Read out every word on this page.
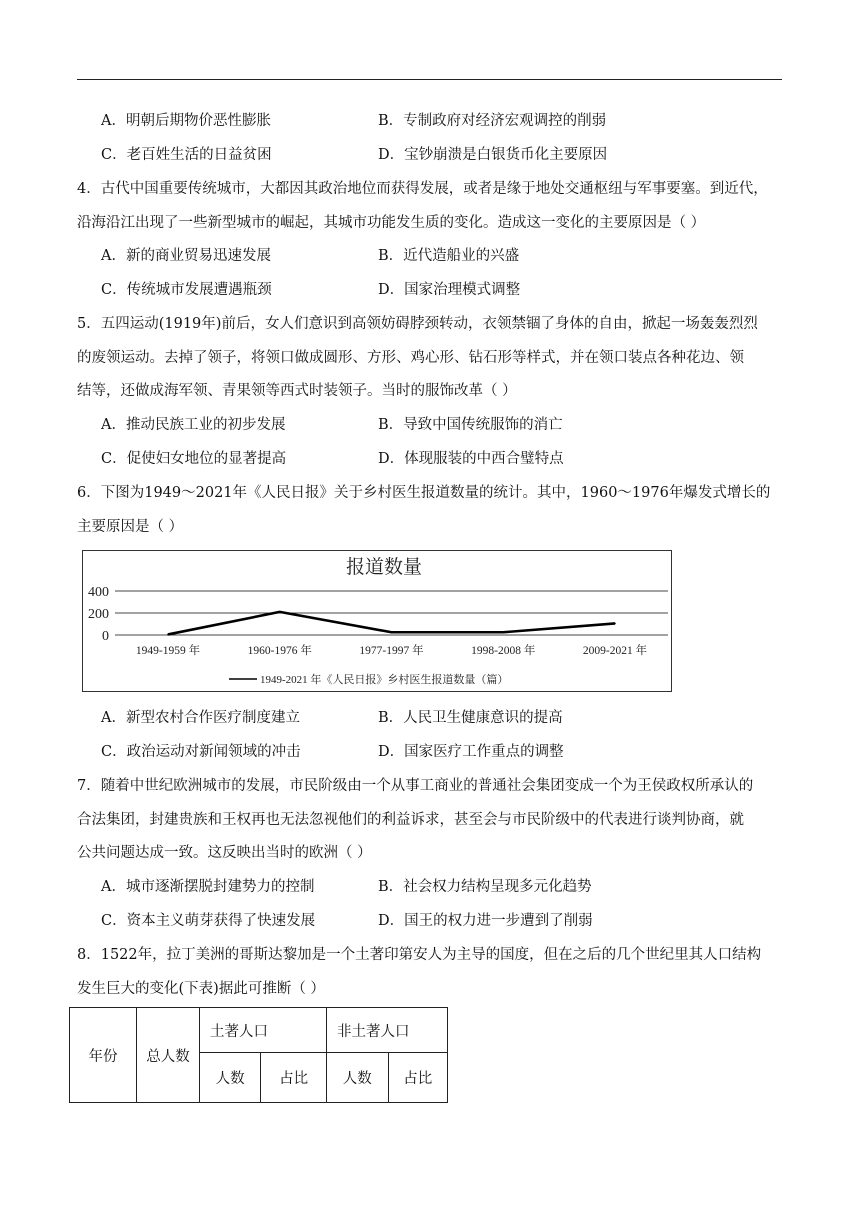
A．明朝后期物价恶性膨胀	B．专制政府对经济宏观调控的削弱
C．老百姓生活的日益贫困	D．宝钞崩溃是白银货币化主要原因
4．古代中国重要传统城市，大都因其政治地位而获得发展，或者是缘于地处交通枢纽与军事要塞。到近代，
沿海沿江出现了一些新型城市的崛起，其城市功能发生质的变化。造成这一变化的主要原因是（ ）
A．新的商业贸易迅速发展	B．近代造船业的兴盛
C．传统城市发展遭遇瓶颈	D．国家治理模式调整
5．五四运动(1919年)前后，女人们意识到高领妨碍脖颈转动，衣领禁锢了身体的自由，掀起一场轰轰烈烈
的废领运动。去掉了领子，将领口做成圆形、方形、鸡心形、钻石形等样式，并在领口装点各种花边、领
结等，还做成海军领、青果领等西式时装领子。当时的服饰改革（ ）
A．推动民族工业的初步发展	B．导致中国传统服饰的消亡
C．促使妇女地位的显著提高	D．体现服装的中西合璧特点
6．下图为1949～2021年《人民日报》关于乡村医生报道数量的统计。其中，1960～1976年爆发式增长的
主要原因是（ ）
报道数量
400
200
0
1949-1959 年	1960-1976 年	1977-1997 年	1998-2008 年	2009-2021 年
1949-2021 年《人民日报》乡村医生报道数量（篇）
A．新型农村合作医疗制度建立	B．人民卫生健康意识的提高
C．政治运动对新闻领域的冲击	D．国家医疗工作重点的调整
7．随着中世纪欧洲城市的发展，市民阶级由一个从事工商业的普通社会集团变成一个为王侯政权所承认的
合法集团，封建贵族和王权再也无法忽视他们的利益诉求，甚至会与市民阶级中的代表进行谈判协商，就
公共问题达成一致。这反映出当时的欧洲（ ）
A．城市逐渐摆脱封建势力的控制	B．社会权力结构呈现多元化趋势
C．资本主义萌芽获得了快速发展	D．国王的权力进一步遭到了削弱
8．1522年，拉丁美洲的哥斯达黎加是一个土著印第安人为主导的国度，但在之后的几个世纪里其人口结构
发生巨大的变化(下表)据此可推断（ ）
年份	总人数	土著人口		非土著人口	
		人数	占比	人数	占比
